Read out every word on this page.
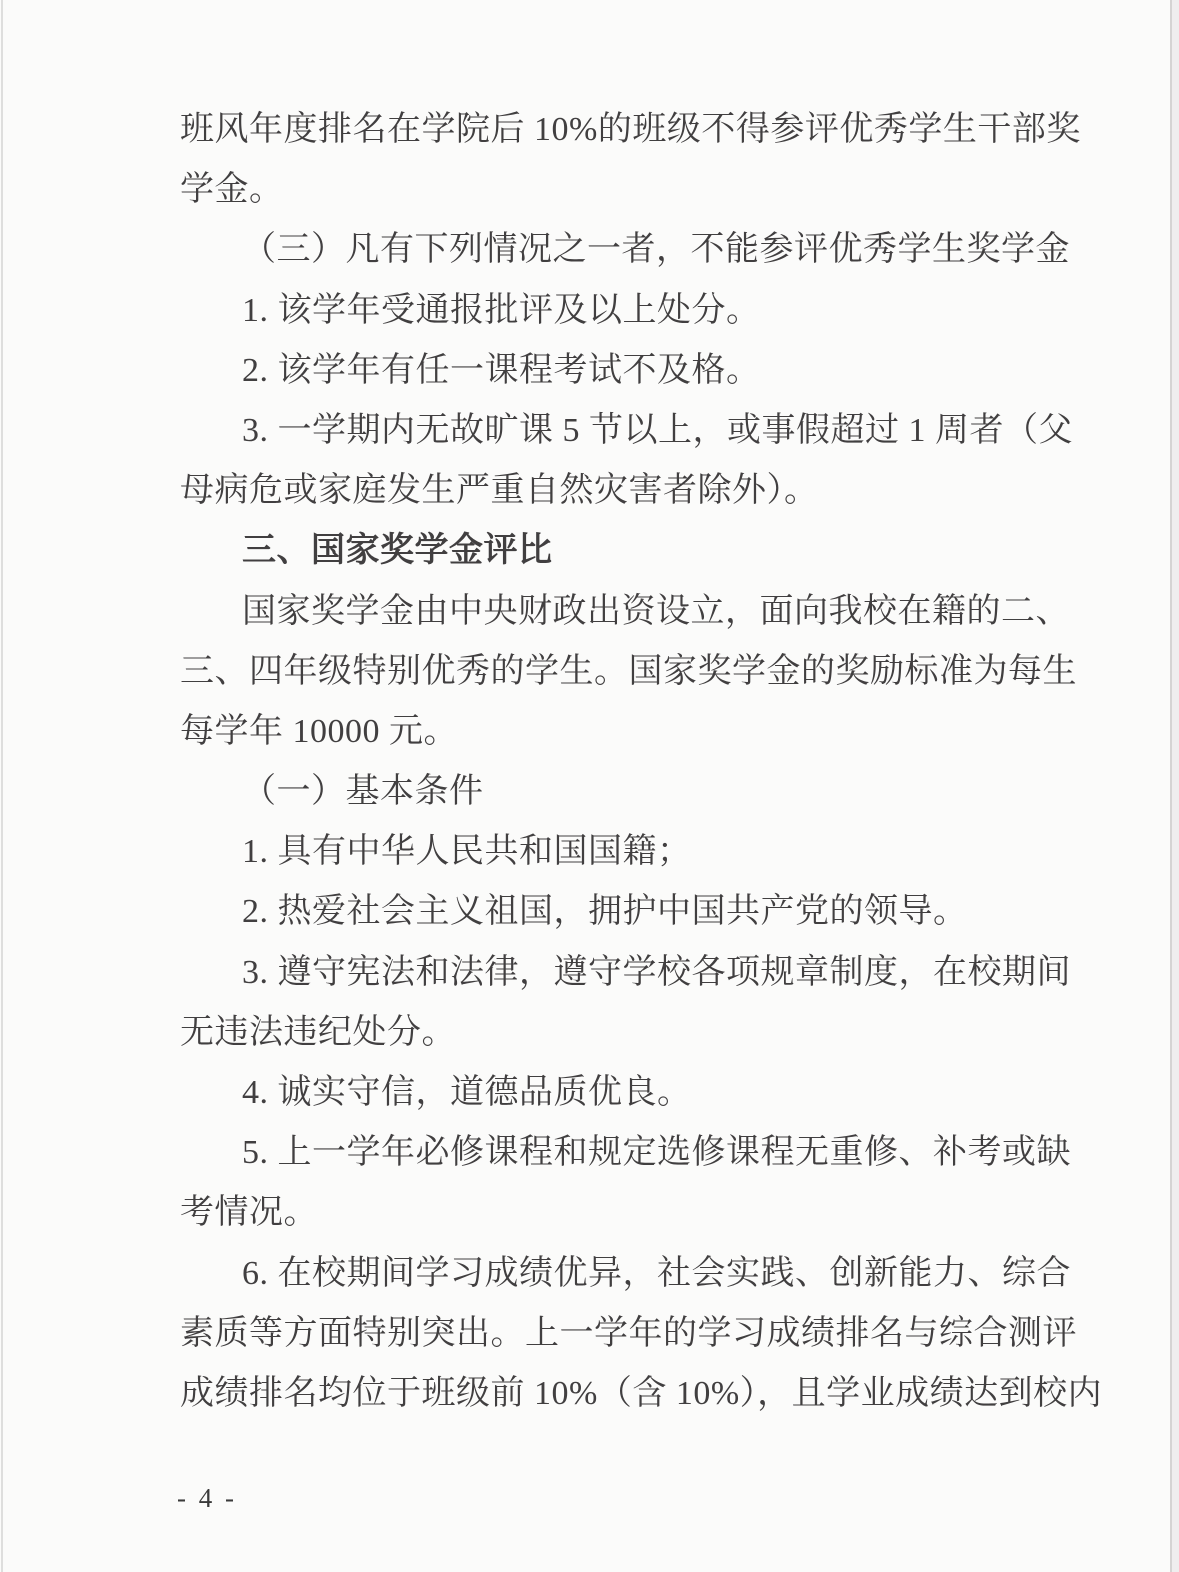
班风年度排名在学院后 10%的班级不得参评优秀学生干部奖
学金。
（三）凡有下列情况之一者，不能参评优秀学生奖学金
1. 该学年受通报批评及以上处分。
2. 该学年有任一课程考试不及格。
3. 一学期内无故旷课 5 节以上，或事假超过 1 周者（父
母病危或家庭发生严重自然灾害者除外）。
三、国家奖学金评比
国家奖学金由中央财政出资设立，面向我校在籍的二、
三、四年级特别优秀的学生。国家奖学金的奖励标准为每生
每学年 10000 元。
（一）基本条件
1. 具有中华人民共和国国籍；
2. 热爱社会主义祖国，拥护中国共产党的领导。
3. 遵守宪法和法律，遵守学校各项规章制度，在校期间
无违法违纪处分。
4. 诚实守信，道德品质优良。
5. 上一学年必修课程和规定选修课程无重修、补考或缺
考情况。
6. 在校期间学习成绩优异，社会实践、创新能力、综合
素质等方面特别突出。上一学年的学习成绩排名与综合测评
成绩排名均位于班级前 10%（含 10%），且学业成绩达到校内
- 4 -
